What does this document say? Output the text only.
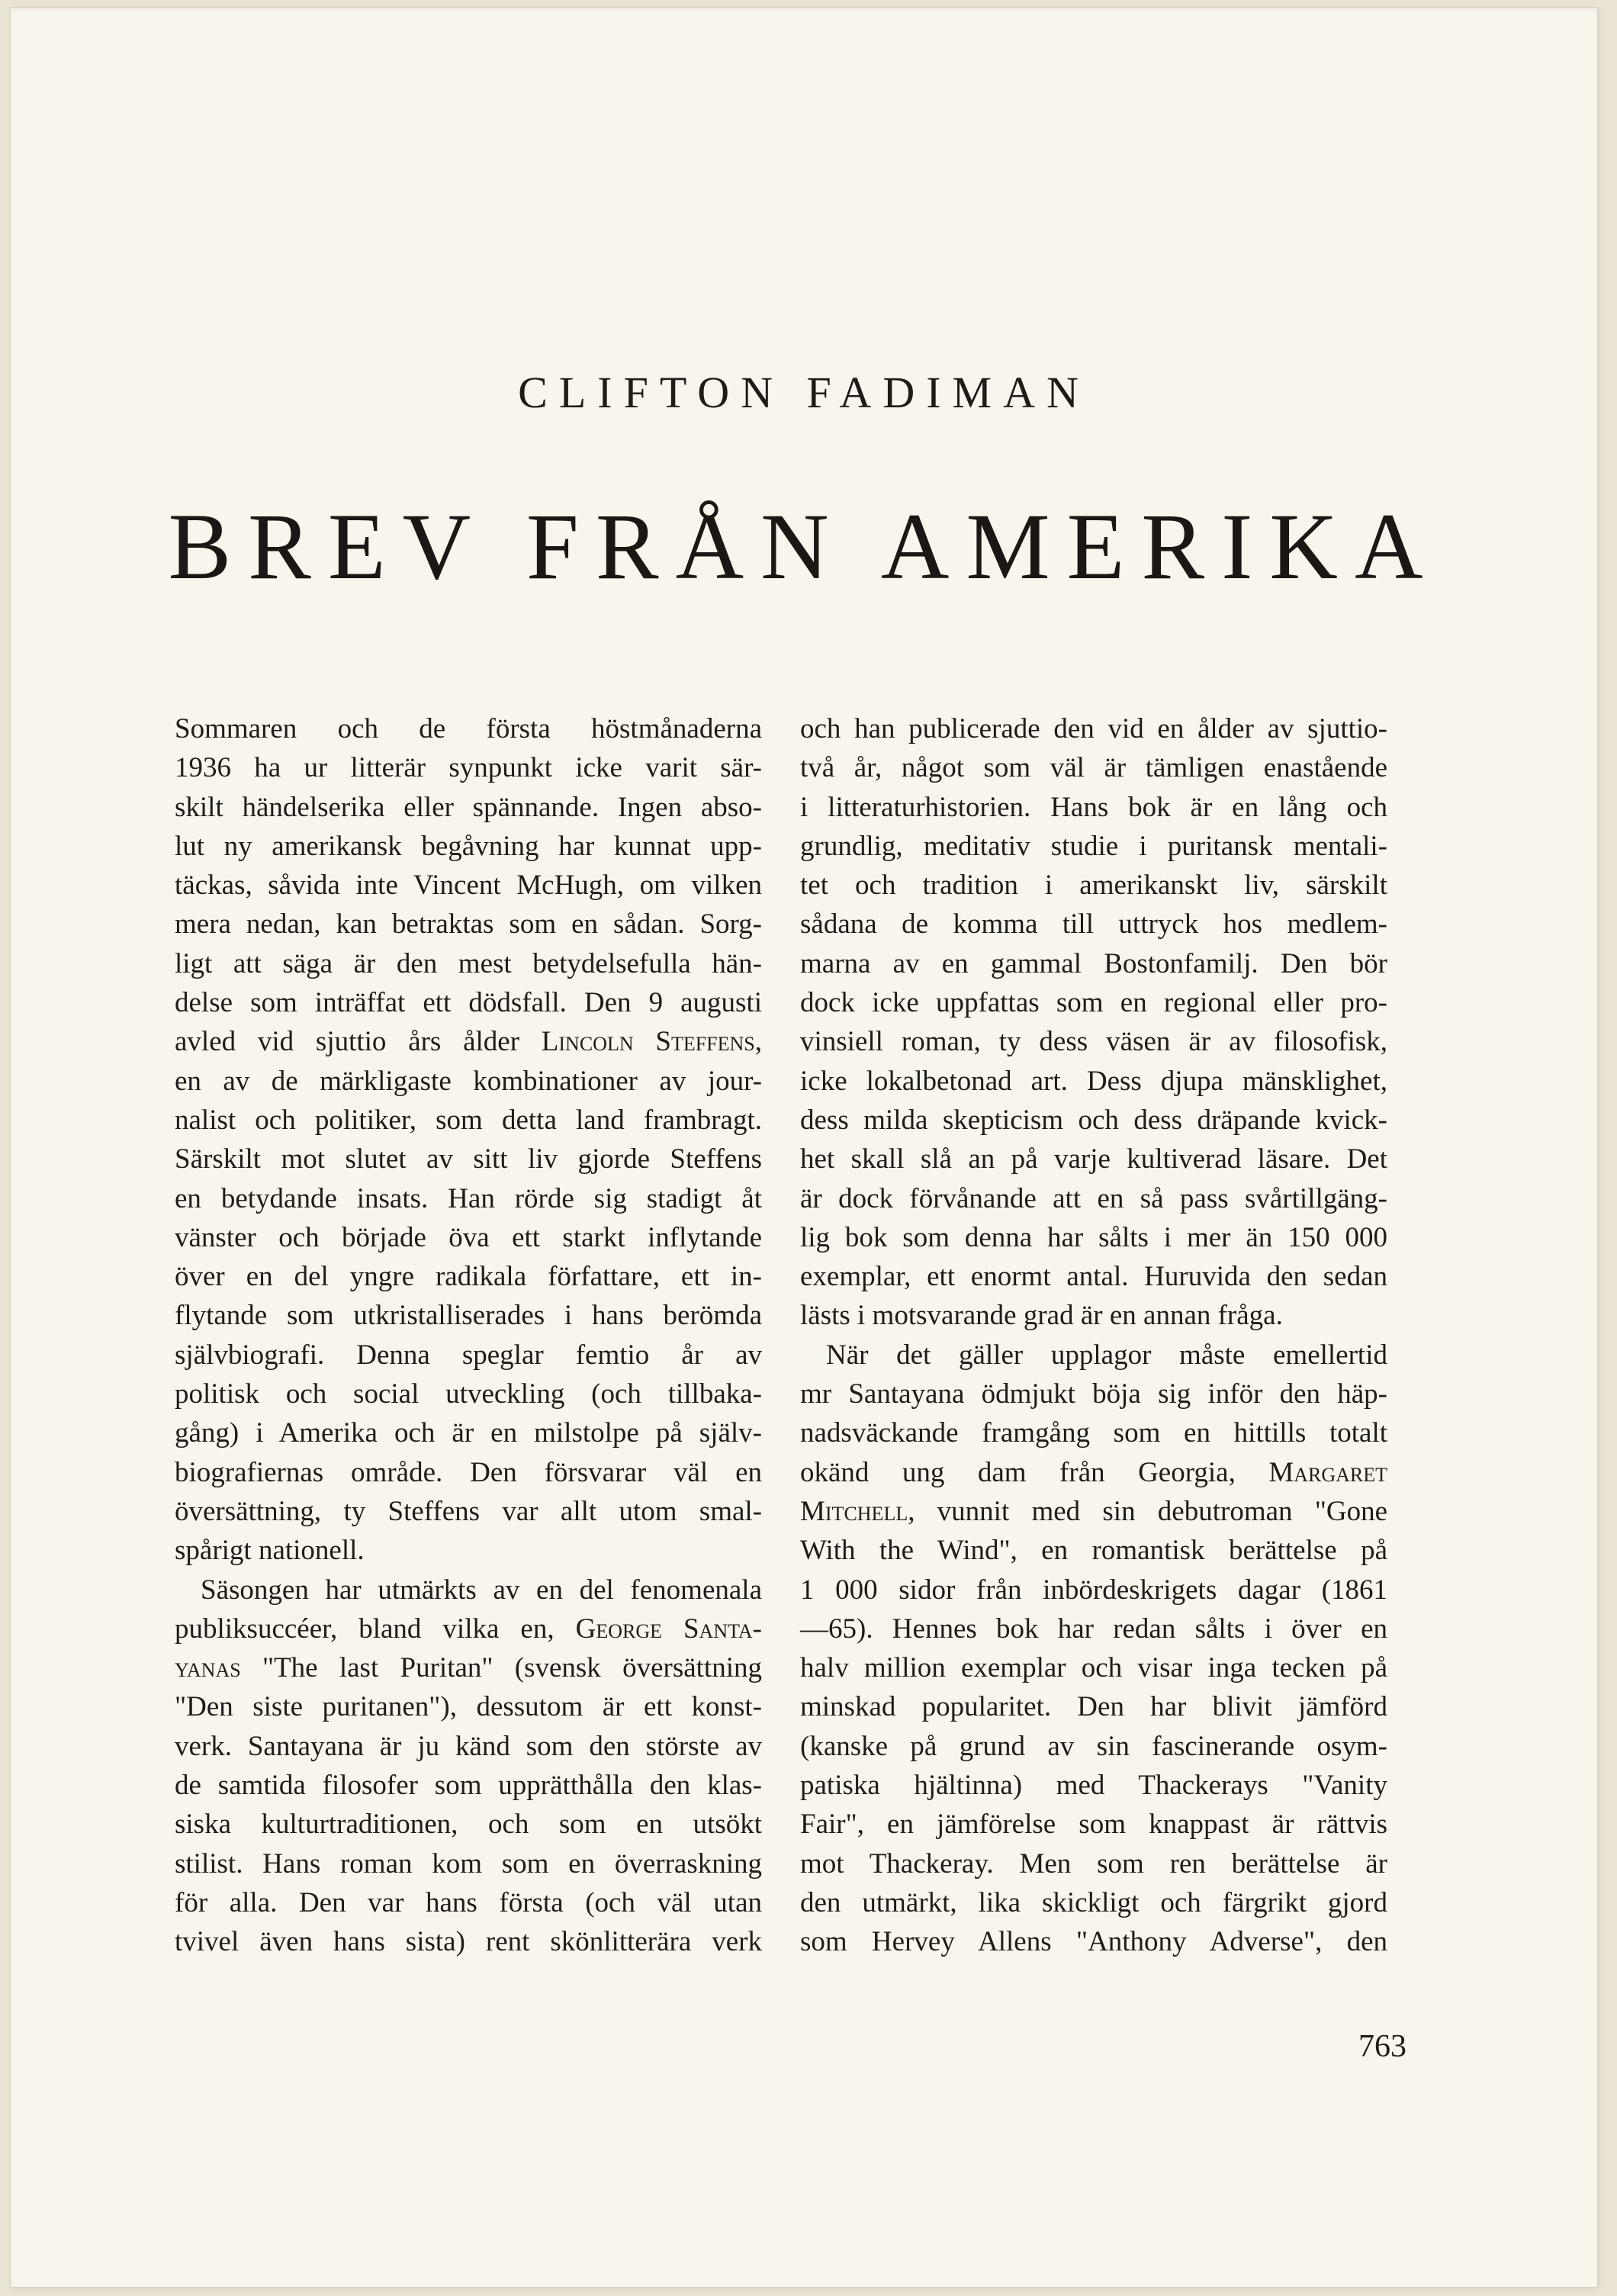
CLIFTON FADIMAN
BREV FRÅN AMERIKA
Sommaren och de första höstmånaderna
1936 ha ur litterär synpunkt icke varit sär-
skilt händelserika eller spännande. Ingen abso-
lut ny amerikansk begåvning har kunnat upp-
täckas, såvida inte Vincent McHugh, om vilken
mera nedan, kan betraktas som en sådan. Sorg-
ligt att säga är den mest betydelsefulla hän-
delse som inträffat ett dödsfall. Den 9 augusti
avled vid sjuttio års ålder Lincoln Steffens,
en av de märkligaste kombinationer av jour-
nalist och politiker, som detta land frambragt.
Särskilt mot slutet av sitt liv gjorde Steffens
en betydande insats. Han rörde sig stadigt åt
vänster och började öva ett starkt inflytande
över en del yngre radikala författare, ett in-
flytande som utkristalliserades i hans berömda
självbiografi. Denna speglar femtio år av
politisk och social utveckling (och tillbaka-
gång) i Amerika och är en milstolpe på själv-
biografiernas område. Den försvarar väl en
översättning, ty Steffens var allt utom smal-
spårigt nationell.
Säsongen har utmärkts av en del fenomenala
publiksuccéer, bland vilka en, George Santa-
yanas "The last Puritan" (svensk översättning
"Den siste puritanen"), dessutom är ett konst-
verk. Santayana är ju känd som den störste av
de samtida filosofer som upprätthålla den klas-
siska kulturtraditionen, och som en utsökt
stilist. Hans roman kom som en överraskning
för alla. Den var hans första (och väl utan
tvivel även hans sista) rent skönlitterära verk
och han publicerade den vid en ålder av sjuttio-
två år, något som väl är tämligen enastående
i litteraturhistorien. Hans bok är en lång och
grundlig, meditativ studie i puritansk mentali-
tet och tradition i amerikanskt liv, särskilt
sådana de komma till uttryck hos medlem-
marna av en gammal Bostonfamilj. Den bör
dock icke uppfattas som en regional eller pro-
vinsiell roman, ty dess väsen är av filosofisk,
icke lokalbetonad art. Dess djupa mänsklighet,
dess milda skepticism och dess dräpande kvick-
het skall slå an på varje kultiverad läsare. Det
är dock förvånande att en så pass svårtillgäng-
lig bok som denna har sålts i mer än 150 000
exemplar, ett enormt antal. Huruvida den sedan
lästs i motsvarande grad är en annan fråga.
När det gäller upplagor måste emellertid
mr Santayana ödmjukt böja sig inför den häp-
nadsväckande framgång som en hittills totalt
okänd ung dam från Georgia, Margaret
Mitchell, vunnit med sin debutroman "Gone
With the Wind", en romantisk berättelse på
1 000 sidor från inbördeskrigets dagar (1861
—65). Hennes bok har redan sålts i över en
halv million exemplar och visar inga tecken på
minskad popularitet. Den har blivit jämförd
(kanske på grund av sin fascinerande osym-
patiska hjältinna) med Thackerays "Vanity
Fair", en jämförelse som knappast är rättvis
mot Thackeray. Men som ren berättelse är
den utmärkt, lika skickligt och färgrikt gjord
som Hervey Allens "Anthony Adverse", den
763
